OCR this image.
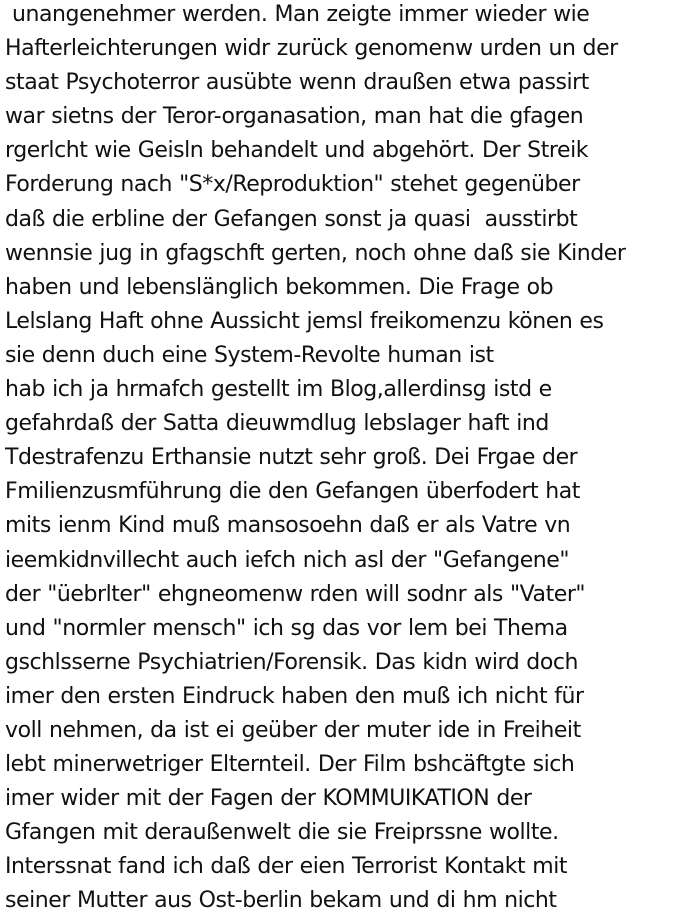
unangenehmer werden. Man zeigte immer wieder wie
Hafterleichterungen widr zurück genomenw urden un der
staat Psychoterror ausübte wenn draußen etwa passirt
war sietns der Teror-organasation, man hat die gfagen
rgerlcht wie Geisln behandelt und abgehört. Der Streik
Forderung nach "S*x/Reproduktion" stehet gegenüber
daß die erbline der Gefangen sonst ja quasi  ausstirbt
wennsie jug in gfagschft gerten, noch ohne daß sie Kinder
haben und lebenslänglich bekommen. Die Frage ob
Lelslang Haft ohne Aussicht jemsl freikomenzu könen es
sie denn duch eine System-Revolte human ist
hab ich ja hrmafch gestellt im Blog,allerdinsg istd e
gefahrdaß der Satta dieuwmdlug lebslager haft ind
Tdestrafenzu Erthansie nutzt sehr groß. Dei Frgae der
Fmilienzusmführung die den Gefangen überfodert hat
mits ienm Kind muß mansosoehn daß er als Vatre vn
ieemkidnvillecht auch iefch nich asl der "Gefangene"
der "üebrlter" ehgneomenw rden will sodnr als "Vater"
und "normler mensch" ich sg das vor lem bei Thema
gschlsserne Psychiatrien/Forensik. Das kidn wird doch
imer den ersten Eindruck haben den muß ich nicht für
voll nehmen, da ist ei geüber der muter ide in Freiheit
lebt minerwetriger Elternteil. Der Film bshcäftgte sich
imer wider mit der Fagen der KOMMUIKATION der
Gfangen mit deraußenwelt die sie Freiprssne wollte.
Interssnat fand ich daß der eien Terrorist Kontakt mit
seiner Mutter aus Ost-berlin bekam und di hm nicht
